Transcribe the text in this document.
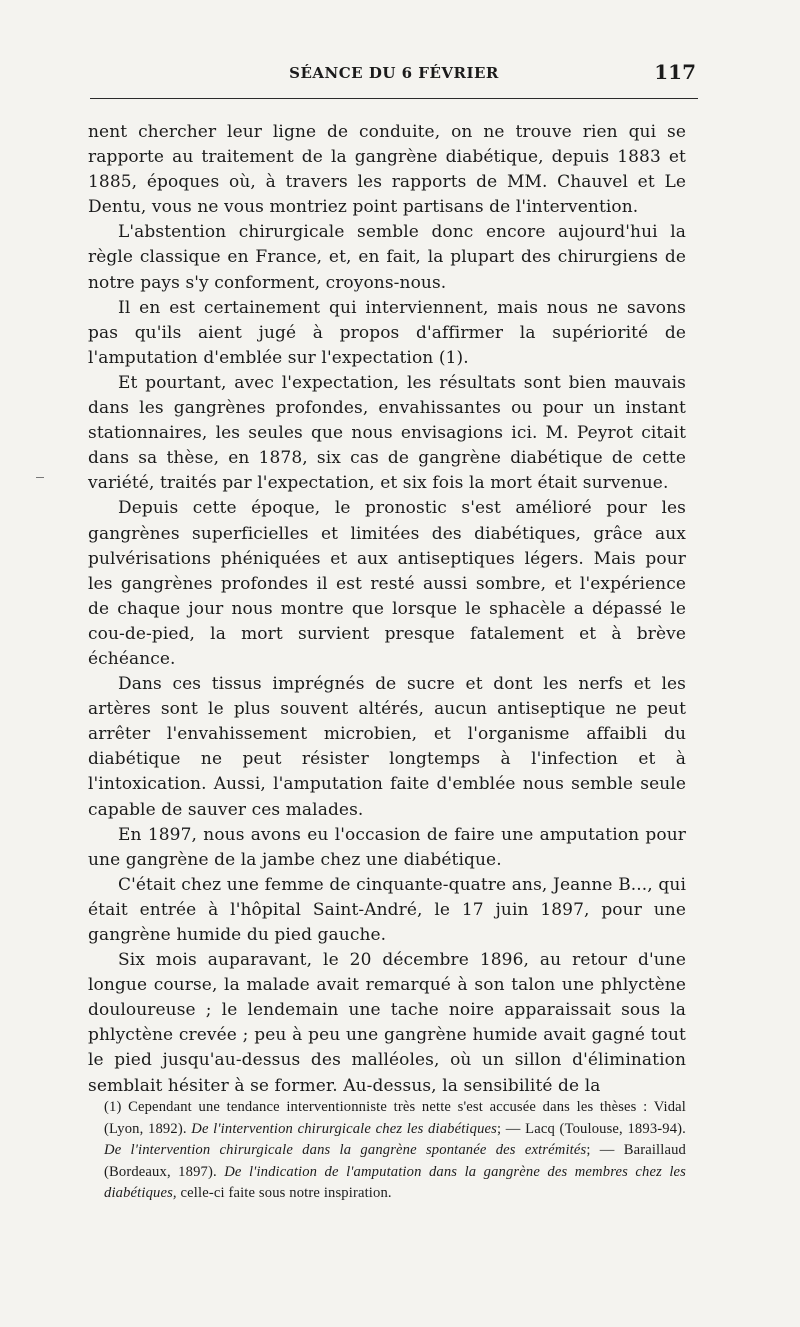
SÉANCE DU 6 FÉVRIER	117

nent chercher leur ligne de conduite, on ne trouve rien qui se rapporte au traitement de la gangrène diabétique, depuis 1883 et 1885, époques où, à travers les rapports de MM. Chauvel et Le Dentu, vous ne vous montriez point partisans de l'intervention.

L'abstention chirurgicale semble donc encore aujourd'hui la règle classique en France, et, en fait, la plupart des chirurgiens de notre pays s'y conforment, croyons-nous.

Il en est certainement qui interviennent, mais nous ne savons pas qu'ils aient jugé à propos d'affirmer la supériorité de l'amputation d'emblée sur l'expectation (1).

Et pourtant, avec l'expectation, les résultats sont bien mauvais dans les gangrènes profondes, envahissantes ou pour un instant stationnaires, les seules que nous envisagions ici. M. Peyrot citait dans sa thèse, en 1878, six cas de gangrène diabétique de cette variété, traités par l'expectation, et six fois la mort était survenue.

Depuis cette époque, le pronostic s'est amélioré pour les gangrènes superficielles et limitées des diabétiques, grâce aux pulvérisations phéniquées et aux antiseptiques légers. Mais pour les gangrènes profondes il est resté aussi sombre, et l'expérience de chaque jour nous montre que lorsque le sphacèle a dépassé le cou-de-pied, la mort survient presque fatalement et à brève échéance.

Dans ces tissus imprégnés de sucre et dont les nerfs et les artères sont le plus souvent altérés, aucun antiseptique ne peut arrêter l'envahissement microbien, et l'organisme affaibli du diabétique ne peut résister longtemps à l'infection et à l'intoxication. Aussi, l'amputation faite d'emblée nous semble seule capable de sauver ces malades.

En 1897, nous avons eu l'occasion de faire une amputation pour une gangrène de la jambe chez une diabétique.

C'était chez une femme de cinquante-quatre ans, Jeanne B..., qui était entrée à l'hôpital Saint-André, le 17 juin 1897, pour une gangrène humide du pied gauche.

Six mois auparavant, le 20 décembre 1896, au retour d'une longue course, la malade avait remarqué à son talon une phlyctène douloureuse ; le lendemain une tache noire apparaissait sous la phlyctène crevée ; peu à peu une gangrène humide avait gagné tout le pied jusqu'au-dessus des malléoles, où un sillon d'élimination semblait hésiter à se former. Au-dessus, la sensibilité de la

(1) Cependant une tendance interventionniste très nette s'est accusée dans les thèses : Vidal (Lyon, 1892). De l'intervention chirurgicale chez les diabétiques; — Lacq (Toulouse, 1893-94). De l'intervention chirurgicale dans la gangrène spontanée des extrémités; — Baraillaud (Bordeaux, 1897). De l'indication de l'amputation dans la gangrène des membres chez les diabétiques, celle-ci faite sous notre inspiration.
